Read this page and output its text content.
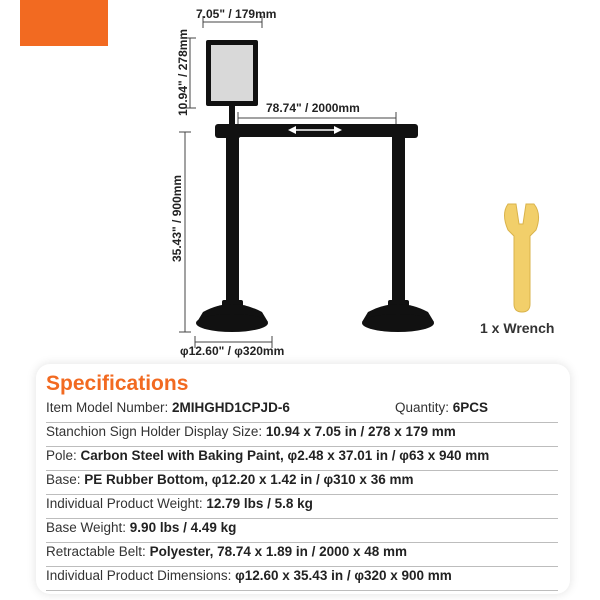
7.05" / 179mm
10.94" / 278mm	78.74" / 2000mm
35.43" / 900mm
φ12.60" / φ320mm
1 x Wrench
Specifications
Item Model Number: 2MIHGHD1CPJD-6	Quantity: 6PCS
Stanchion Sign Holder Display Size: 10.94 x 7.05 in / 278 x 179 mm
Pole: Carbon Steel with Baking Paint, φ2.48 x 37.01 in / φ63 x 940 mm
Base: PE Rubber Bottom, φ12.20 x 1.42 in / φ310 x 36 mm
Individual Product Weight: 12.79 lbs / 5.8 kg
Base Weight: 9.90 lbs / 4.49 kg
Retractable Belt: Polyester, 78.74 x 1.89 in / 2000 x 48 mm
Individual Product Dimensions: φ12.60 x 35.43 in / φ320 x 900 mm
